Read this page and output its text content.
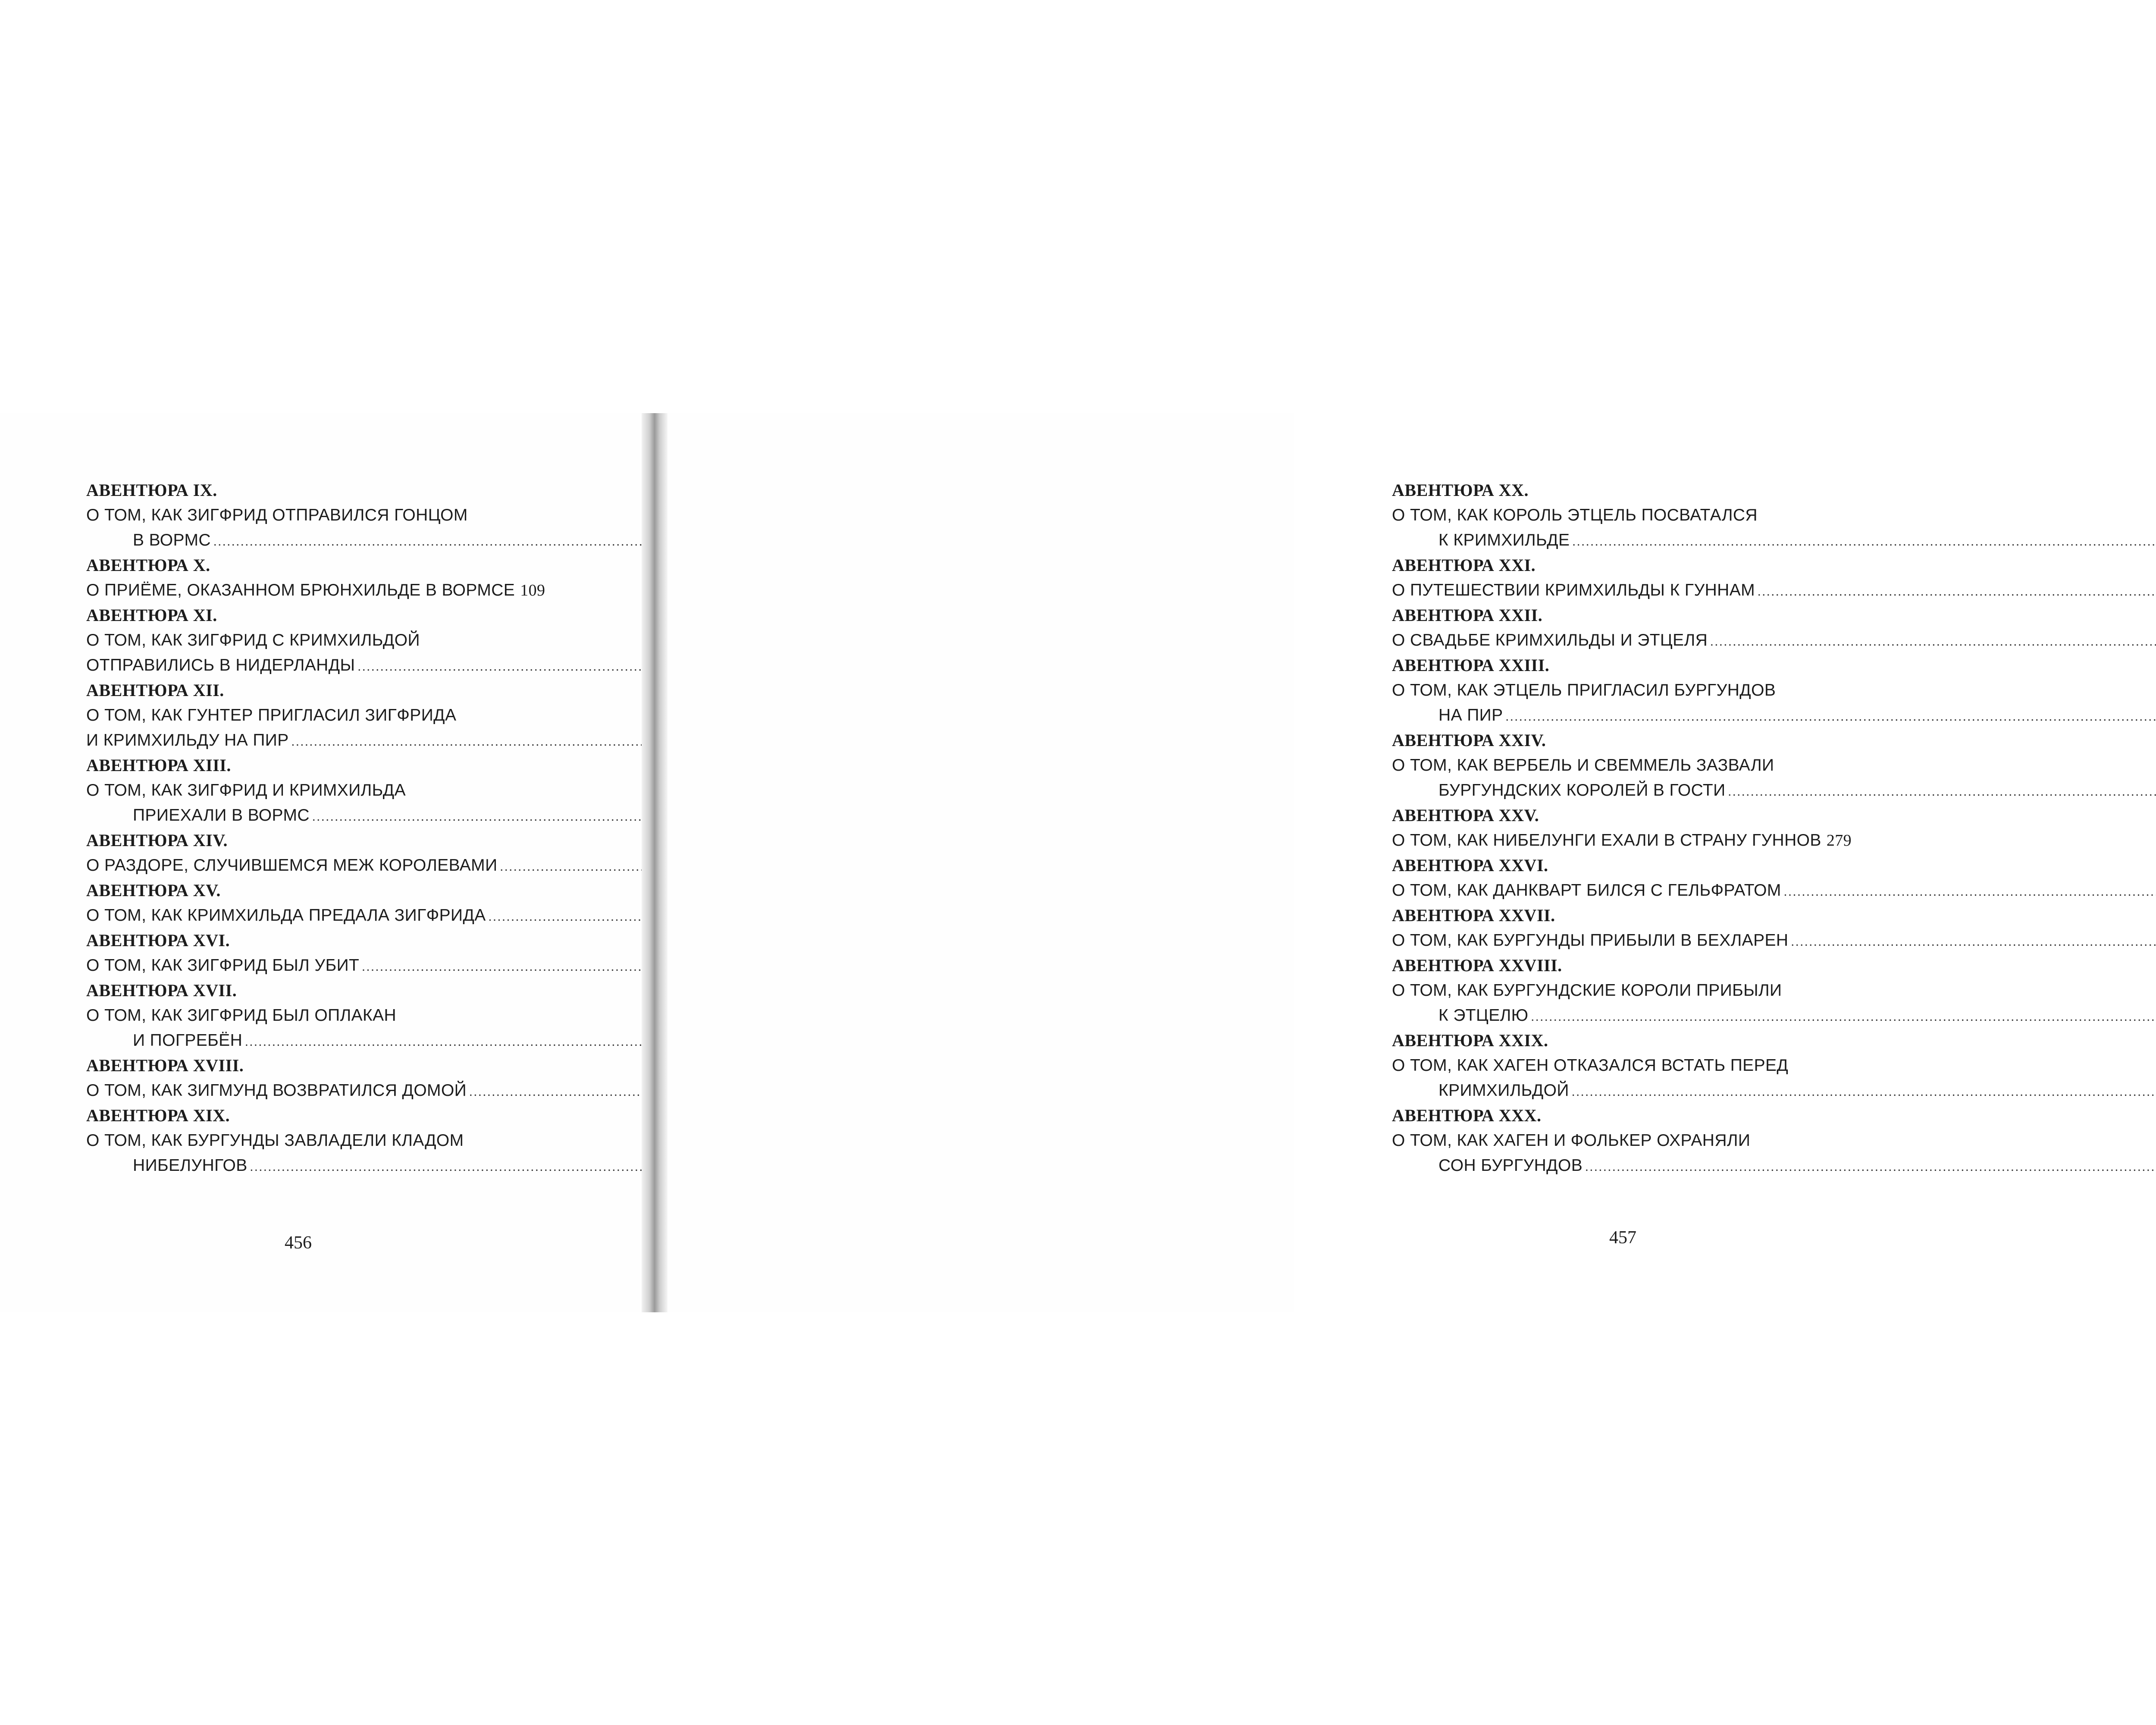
АВЕНТЮРА IX.
О ТОМ, КАК ЗИГФРИД ОТПРАВИЛСЯ ГОНЦОМ
В ВОРМС
.....
АВЕНТЮРА X.
О ПРИЁМЕ, ОКАЗАННОМ БРЮНХИЛЬДЕ В ВОРМСЕ 109
АВЕНТЮРА XI.
О ТОМ, КАК ЗИГФРИД С КРИМХИЛЬДОЙ
ОТПРАВИЛИСЬ В НИДЕРЛАНДЫ
.....
АВЕНТЮРА XII.
О ТОМ, КАК ГУНТЕР ПРИГЛАСИЛ ЗИГФРИДА
И КРИМХИЛЬДУ НА ПИР
.....
АВЕНТЮРА XIII.
О ТОМ, КАК ЗИГФРИД И КРИМХИЛЬДА
ПРИЕХАЛИ В ВОРМС
.....
АВЕНТЮРА XIV.
О РАЗДОРЕ, СЛУЧИВШЕМСЯ МЕЖ КОРОЛЕВАМИ
.....
АВЕНТЮРА XV.
О ТОМ, КАК КРИМХИЛЬДА ПРЕДАЛА ЗИГФРИДА
.....
АВЕНТЮРА XVI.
О ТОМ, КАК ЗИГФРИД БЫЛ УБИТ
.....
АВЕНТЮРА XVII.
О ТОМ, КАК ЗИГФРИД БЫЛ ОПЛАКАН
И ПОГРЕБЁН
.....
АВЕНТЮРА XVIII.
О ТОМ, КАК ЗИГМУНД ВОЗВРАТИЛСЯ ДОМОЙ
.....
АВЕНТЮРА XIX.
О ТОМ, КАК БУРГУНДЫ ЗАВЛАДЕЛИ КЛАДОМ
НИБЕЛУНГОВ
.....
456
АВЕНТЮРА XX.
О ТОМ, КАК КОРОЛЬ ЭТЦЕЛЬ ПОСВАТАЛСЯ
К КРИМХИЛЬДЕ
.....
АВЕНТЮРА XXI.
О ПУТЕШЕСТВИИ КРИМХИЛЬДЫ К ГУННАМ
.....
АВЕНТЮРА XXII.
О СВАДЬБЕ КРИМХИЛЬДЫ И ЭТЦЕЛЯ
.....
АВЕНТЮРА XXIII.
О ТОМ, КАК ЭТЦЕЛЬ ПРИГЛАСИЛ БУРГУНДОВ
НА ПИР
.....
АВЕНТЮРА XXIV.
О ТОМ, КАК ВЕРБЕЛЬ И СВЕММЕЛЬ ЗАЗВАЛИ
БУРГУНДСКИХ КОРОЛЕЙ В ГОСТИ
.....
АВЕНТЮРА XXV.
О ТОМ, КАК НИБЕЛУНГИ ЕХАЛИ В СТРАНУ ГУННОВ 279
АВЕНТЮРА XXVI.
О ТОМ, КАК ДАНКВАРТ БИЛСЯ С ГЕЛЬФРАТОМ
.....
АВЕНТЮРА XXVII.
О ТОМ, КАК БУРГУНДЫ ПРИБЫЛИ В БЕХЛАРЕН
.....
АВЕНТЮРА XXVIII.
О ТОМ, КАК БУРГУНДСКИЕ КОРОЛИ ПРИБЫЛИ
К ЭТЦЕЛЮ
.....
АВЕНТЮРА XXIX.
О ТОМ, КАК ХАГЕН ОТКАЗАЛСЯ ВСТАТЬ ПЕРЕД
КРИМХИЛЬДОЙ
.....
АВЕНТЮРА XXX.
О ТОМ, КАК ХАГЕН И ФОЛЬКЕР ОХРАНЯЛИ
СОН БУРГУНДОВ
.....
457
